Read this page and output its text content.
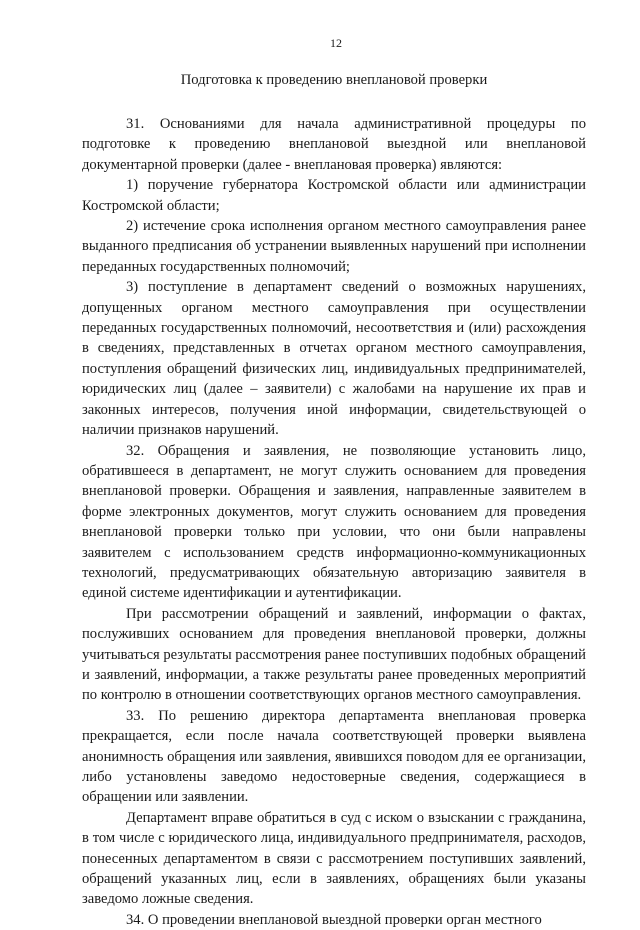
12
Подготовка к проведению внеплановой проверки

31. Основаниями для начала административной процедуры по подготовке к проведению внеплановой выездной или внеплановой документарной проверки (далее - внеплановая проверка) являются:

1) поручение губернатора Костромской области или администрации Костромской области;

2) истечение срока исполнения органом местного самоуправления ранее выданного предписания об устранении выявленных нарушений при исполнении переданных государственных полномочий;

3) поступление в департамент сведений о возможных нарушениях, допущенных органом местного самоуправления при осуществлении переданных государственных полномочий, несоответствия и (или) расхождения в сведениях, представленных в отчетах органом местного самоуправления, поступления обращений физических лиц, индивидуальных предпринимателей, юридических лиц (далее – заявители) с жалобами на нарушение их прав и законных интересов, получения иной информации, свидетельствующей о наличии признаков нарушений.

32. Обращения и заявления, не позволяющие установить лицо, обратившееся в департамент, не могут служить основанием для проведения внеплановой проверки. Обращения и заявления, направленные заявителем в форме электронных документов, могут служить основанием для проведения внеплановой проверки только при условии, что они были направлены заявителем с использованием средств информационно-коммуникационных технологий, предусматривающих обязательную авторизацию заявителя в единой системе идентификации и аутентификации.

При рассмотрении обращений и заявлений, информации о фактах, послуживших основанием для проведения внеплановой проверки, должны учитываться результаты рассмотрения ранее поступивших подобных обращений и заявлений, информации, а также результаты ранее проведенных мероприятий по контролю в отношении соответствующих органов местного самоуправления.

33. По решению директора департамента внеплановая проверка прекращается, если после начала соответствующей проверки выявлена анонимность обращения или заявления, явившихся поводом для ее организации, либо установлены заведомо недостоверные сведения, содержащиеся в обращении или заявлении.

Департамент вправе обратиться в суд с иском о взыскании с гражданина, в том числе с юридического лица, индивидуального предпринимателя, расходов, понесенных департаментом в связи с рассмотрением поступивших заявлений, обращений указанных лиц, если в заявлениях, обращениях были указаны заведомо ложные сведения.

34. О проведении внеплановой выездной проверки орган местного
